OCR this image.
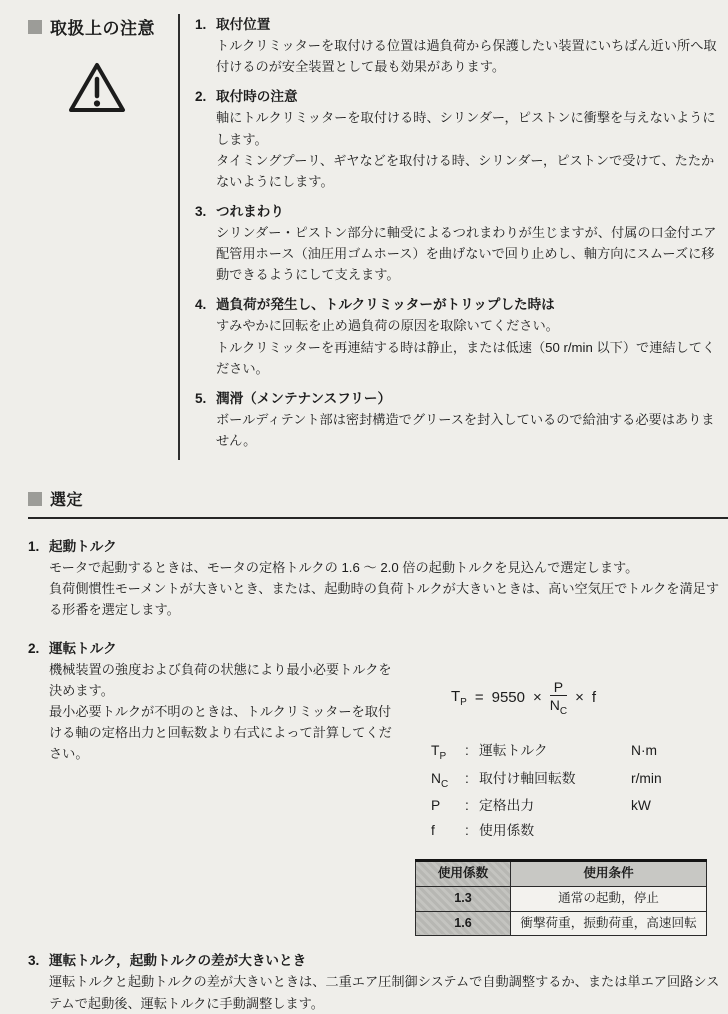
取扱上の注意	1. 取付位置

トルクリミッターを取付ける位置は過負荷から保護したい装置にいちばん近い所へ取付けるのが安全装置として最も効果があります。

2. 取付時の注意

軸にトルクリミッターを取付ける時、シリンダー，ピストンに衝撃を与えないようにします。

タイミングプーリ、ギヤなどを取付ける時、シリンダー，ピストンで受けて、たたかないようにします。

3. つれまわり

シリンダー・ピストン部分に軸受によるつれまわりが生じますが、付属の口金付エア配管用ホース（油圧用ゴムホース）を曲げないで回り止めし、軸方向にスムーズに移動できるようにして支えます。

4. 過負荷が発生し、トルクリミッターがトリップした時は

すみやかに回転を止め過負荷の原因を取除いてください。

トルクリミッターを再連結する時は静止，または低速（50 r/min 以下）で連結してください。

5. 潤滑（メンテナンスフリー）

ボールディテント部は密封構造でグリースを封入しているので給油する必要はありません。

選定
1. 起動トルク

モータで起動するときは、モータの定格トルクの 1.6 ～ 2.0 倍の起動トルクを見込んで選定します。

負荷側慣性モーメントが大きいとき、または、起動時の負荷トルクが大きいときは、高い空気圧でトルクを満足する形番を選定します。

2. 運転トルク

機械装置の強度および負荷の状態により最小必要トルクを決めます。

最小必要トルクが不明のときは、トルクリミッターを取付ける軸の定格出力と回転数より右式によって計算してください。

$T_P = 9550 \times \frac{P}{N_C} \times f$
$T_P$	: 運転トルク	N·m
$N_C$	: 取付け軸回転数	r/min
P	: 定格出力	kW
f	: 使用係数
使用係数	使用条件
1.3	通常の起動，停止
1.6	衝撃荷重，振動荷重，高速回転
3. 運転トルク，起動トルクの差が大きいとき

運転トルクと起動トルクの差が大きいときは、二重エア圧制御システムで自動調整するか、または単エア回路システムで起動後、運転トルクに手動調整します。
